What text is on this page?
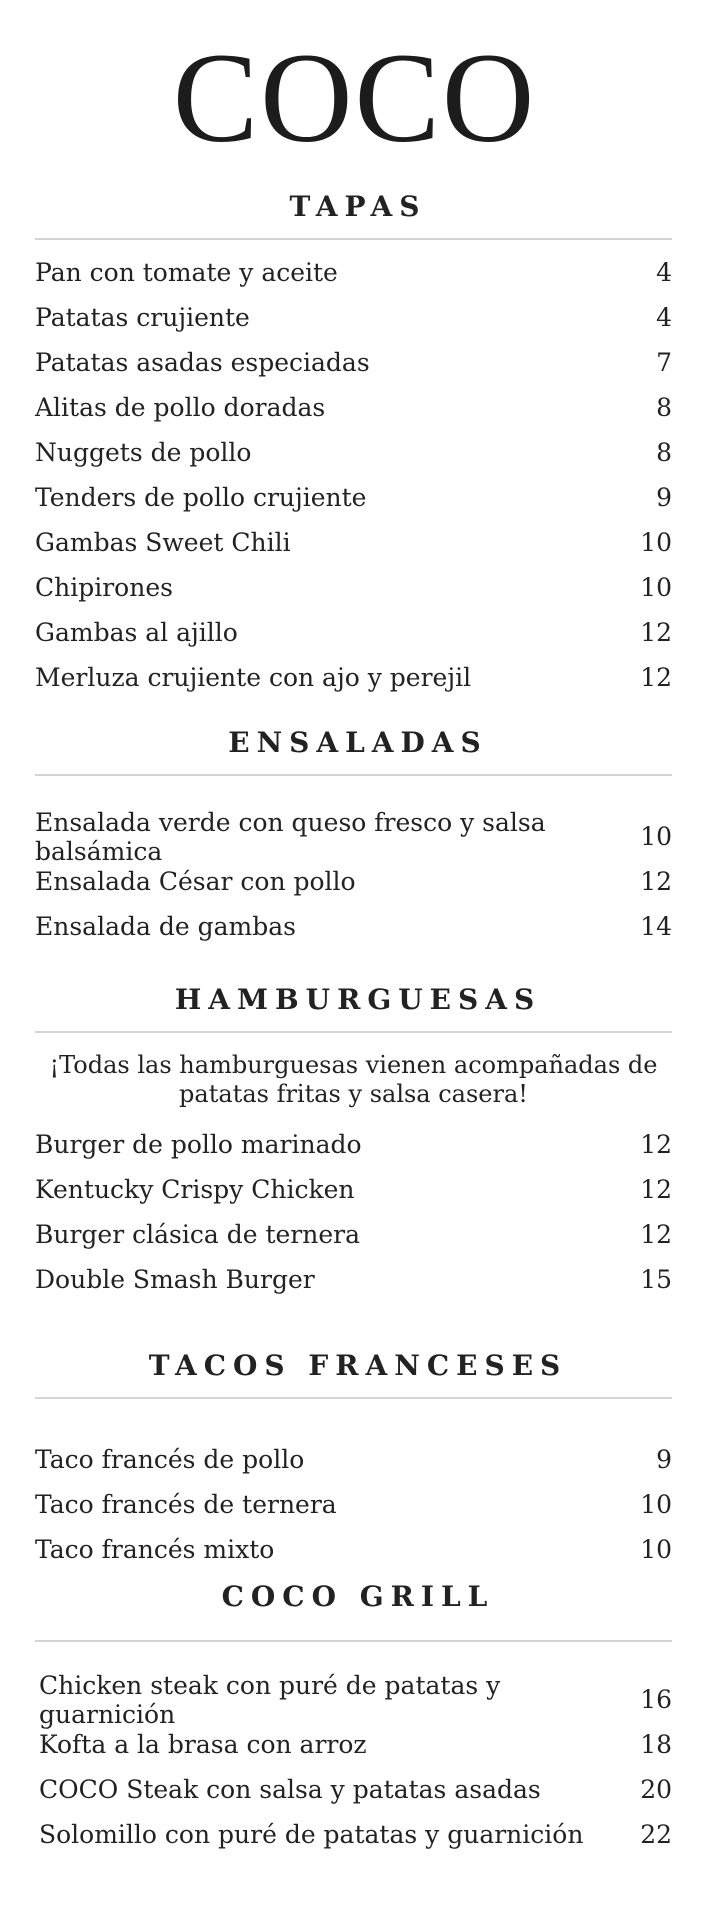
COCO
TAPAS
Pan con tomate y aceite	4
Patatas crujiente	4
Patatas asadas especiadas	7
Alitas de pollo doradas	8
Nuggets de pollo	8
Tenders de pollo crujiente	9
Gambas Sweet Chili	10
Chipirones	10
Gambas al ajillo	12
Merluza crujiente con ajo y perejil	12
ENSALADAS
Ensalada verde con queso fresco y salsa balsámica	10
Ensalada César con pollo	12
Ensalada de gambas	14
HAMBURGUESAS
¡Todas las hamburguesas vienen acompañadas de
patatas fritas y salsa casera!
Burger de pollo marinado	12
Kentucky Crispy Chicken	12
Burger clásica de ternera	12
Double Smash Burger	15
TACOS FRANCESES
Taco francés de pollo	9
Taco francés de ternera	10
Taco francés mixto	10
COCO GRILL
Chicken steak con puré de patatas y guarnición	16
Kofta a la brasa con arroz	18
COCO Steak con salsa y patatas asadas	20
Solomillo con puré de patatas y guarnición 22
